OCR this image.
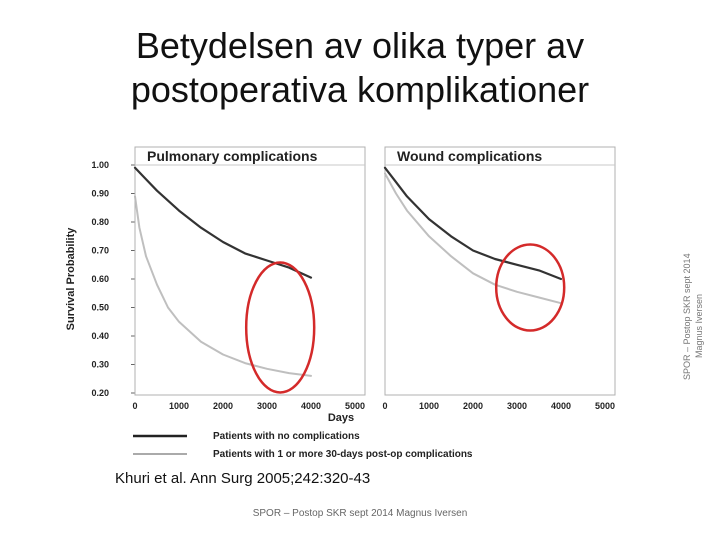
Betydelsen av olika typer av
postoperativa komplikationer
1.00
0.90
0.80
0.70
0.60
0.50
0.40
0.30
0.20
Survival Probability
Pulmonary complications	Wound complications
0	1000	2000	3000	4000	5000 0	1000	2000	3000	4000	5000
Days
Patients with no complications
Patients with 1 or more 30-days post-op complications
Khuri et al. Ann Surg 2005;242:320-43
SPOR – Postop SKR sept 2014 Magnus Iversen
SPOR – Postop SKR sept 2014 Magnus Iversen
